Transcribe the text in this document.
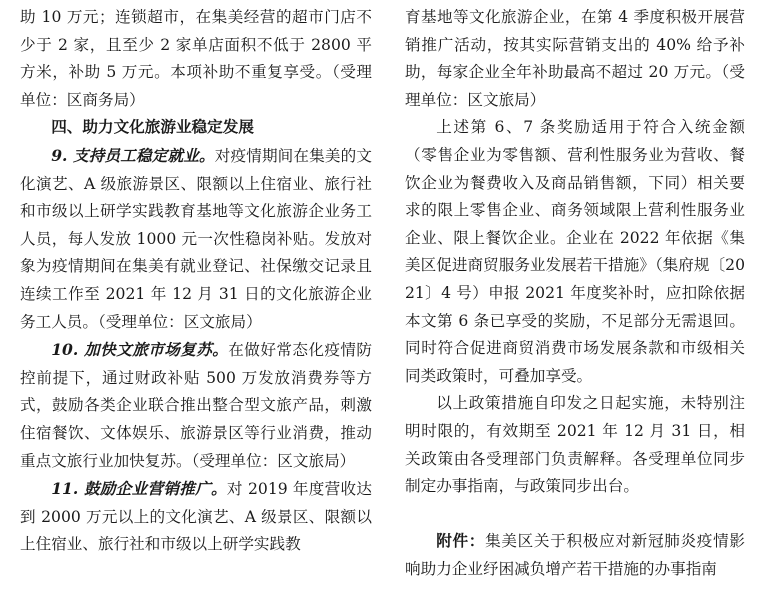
助 10 万元；连锁超市，在集美经营的超市门店不少于 2 家，且至少 2 家单店面积不低于 2800 平方米，补助 5 万元。本项补助不重复享受。（受理单位：区商务局）

四、助力文化旅游业稳定发展

9. 支持员工稳定就业。对疫情期间在集美的文化演艺、A 级旅游景区、限额以上住宿业、旅行社和市级以上研学实践教育基地等文化旅游企业务工人员，每人发放 1000 元一次性稳岗补贴。发放对象为疫情期间在集美有就业登记、社保缴交记录且连续工作至 2021 年 12 月 31 日的文化旅游企业务工人员。（受理单位：区文旅局）

10. 加快文旅市场复苏。在做好常态化疫情防控前提下，通过财政补贴 500 万发放消费券等方式，鼓励各类企业联合推出整合型文旅产品，刺激住宿餐饮、文体娱乐、旅游景区等行业消费，推动重点文旅行业加快复苏。（受理单位：区文旅局）

11. 鼓励企业营销推广。对 2019 年度营收达到 2000 万元以上的文化演艺、A 级景区、限额以上住宿业、旅行社和市级以上研学实践教

育基地等文化旅游企业，在第 4 季度积极开展营销推广活动，按其实际营销支出的 40% 给予补助，每家企业全年补助最高不超过 20 万元。（受理单位：区文旅局）

上述第 6、7 条奖励适用于符合入统金额（零售企业为零售额、营利性服务业为营收、餐饮企业为餐费收入及商品销售额，下同）相关要求的限上零售企业、商务领域限上营利性服务业企业、限上餐饮企业。企业在 2022 年依据《集美区促进商贸服务业发展若干措施》（集府规〔2021〕4 号）申报 2021 年度奖补时，应扣除依据本文第 6 条已享受的奖励，不足部分无需退回。同时符合促进商贸消费市场发展条款和市级相关同类政策时，可叠加享受。

以上政策措施自印发之日起实施，未特别注明时限的，有效期至 2021 年 12 月 31 日，相关政策由各受理部门负责解释。各受理单位同步制定办事指南，与政策同步出台。

附件：集美区关于积极应对新冠肺炎疫情影响助力企业纾困减负增产若干措施的办事指南
